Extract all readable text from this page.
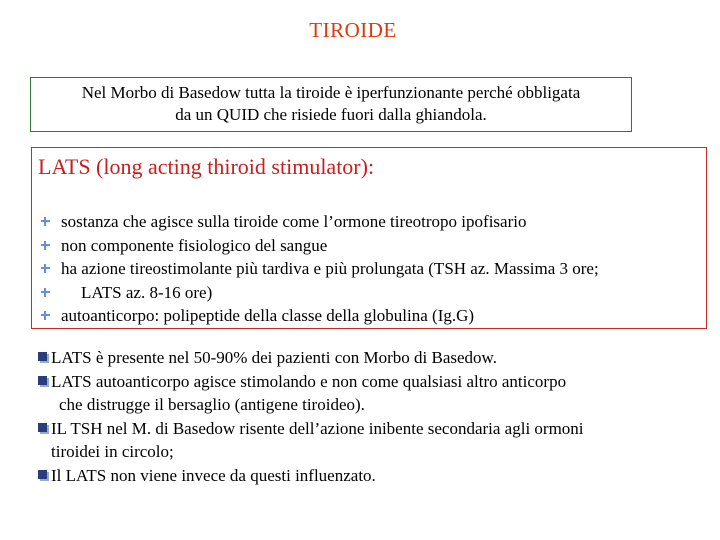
TIROIDE
Nel Morbo di Basedow tutta la tiroide è iperfunzionante perché obbligata
da un QUID che risiede fuori dalla ghiandola.
LATS (long acting thiroid stimulator):
sostanza che agisce sulla tiroide come l’ormone tireotropo ipofisario
non componente fisiologico del sangue
ha azione tireostimolante più tardiva e più prolungata (TSH az. Massima 3 ore;
LATS az. 8-16 ore)
autoanticorpo: polipeptide della classe della globulina (Ig.G)
LATS è presente nel 50-90% dei pazienti con Morbo di Basedow.
LATS autoanticorpo agisce stimolando e non come qualsiasi altro anticorpo
che distrugge il bersaglio (antigene tiroideo).
IL TSH nel M. di Basedow risente dell’azione inibente secondaria agli ormoni
tiroidei in circolo;
Il LATS non viene invece da questi influenzato.
